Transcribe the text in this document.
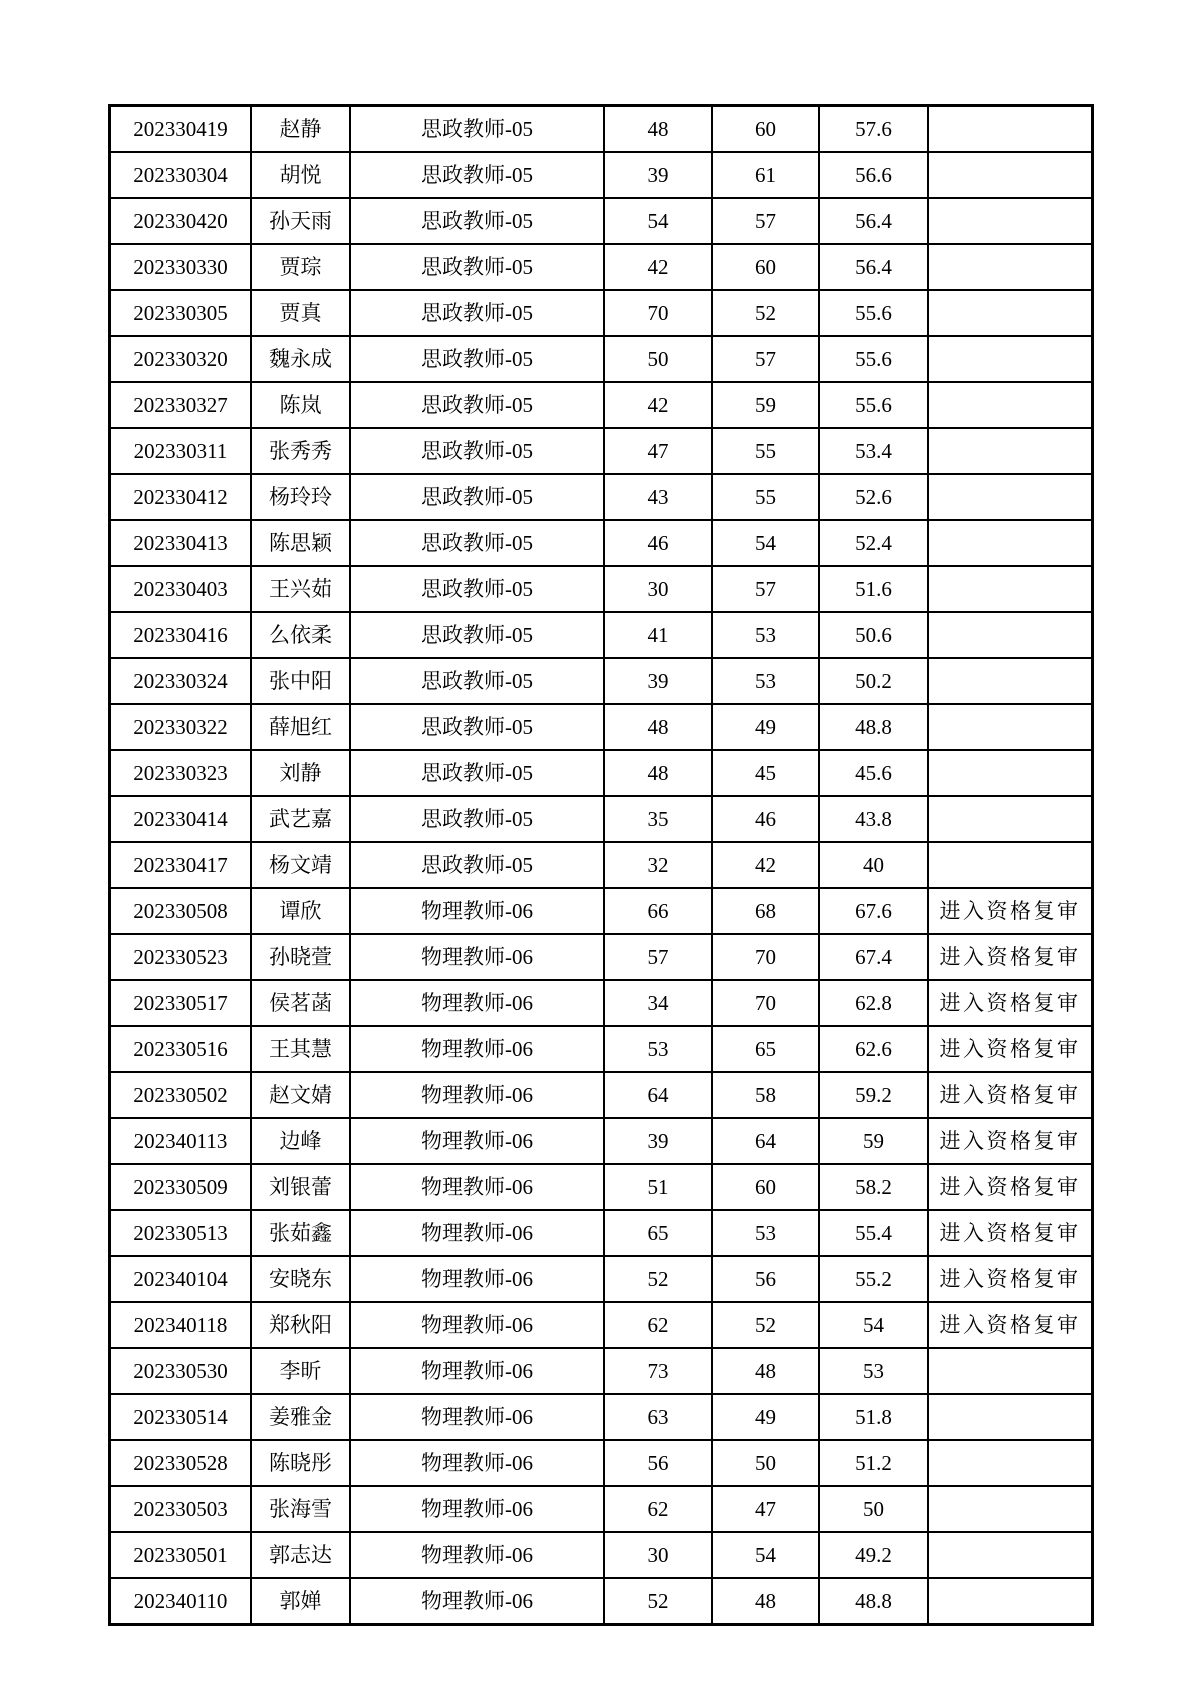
202330419	赵静	思政教师-05	48	60	57.6	
202330304	胡悦	思政教师-05	39	61	56.6	
202330420	孙天雨	思政教师-05	54	57	56.4	
202330330	贾琮	思政教师-05	42	60	56.4	
202330305	贾真	思政教师-05	70	52	55.6	
202330320	魏永成	思政教师-05	50	57	55.6	
202330327	陈岚	思政教师-05	42	59	55.6	
202330311	张秀秀	思政教师-05	47	55	53.4	
202330412	杨玲玲	思政教师-05	43	55	52.6	
202330413	陈思颖	思政教师-05	46	54	52.4	
202330403	王兴茹	思政教师-05	30	57	51.6	
202330416	么依柔	思政教师-05	41	53	50.6	
202330324	张中阳	思政教师-05	39	53	50.2	
202330322	薛旭红	思政教师-05	48	49	48.8	
202330323	刘静	思政教师-05	48	45	45.6	
202330414	武艺嘉	思政教师-05	35	46	43.8	
202330417	杨文靖	思政教师-05	32	42	40	
202330508	谭欣	物理教师-06	66	68	67.6	进入资格复审
202330523	孙晓萱	物理教师-06	57	70	67.4	进入资格复审
202330517	侯茗菡	物理教师-06	34	70	62.8	进入资格复审
202330516	王其慧	物理教师-06	53	65	62.6	进入资格复审
202330502	赵文婧	物理教师-06	64	58	59.2	进入资格复审
202340113	边峰	物理教师-06	39	64	59	进入资格复审
202330509	刘银蕾	物理教师-06	51	60	58.2	进入资格复审
202330513	张茹鑫	物理教师-06	65	53	55.4	进入资格复审
202340104	安晓东	物理教师-06	52	56	55.2	进入资格复审
202340118	郑秋阳	物理教师-06	62	52	54	进入资格复审
202330530	李昕	物理教师-06	73	48	53	
202330514	姜雅金	物理教师-06	63	49	51.8	
202330528	陈晓彤	物理教师-06	56	50	51.2	
202330503	张海雪	物理教师-06	62	47	50	
202330501	郭志达	物理教师-06	30	54	49.2	
202340110	郭婵	物理教师-06	52	48	48.8	
